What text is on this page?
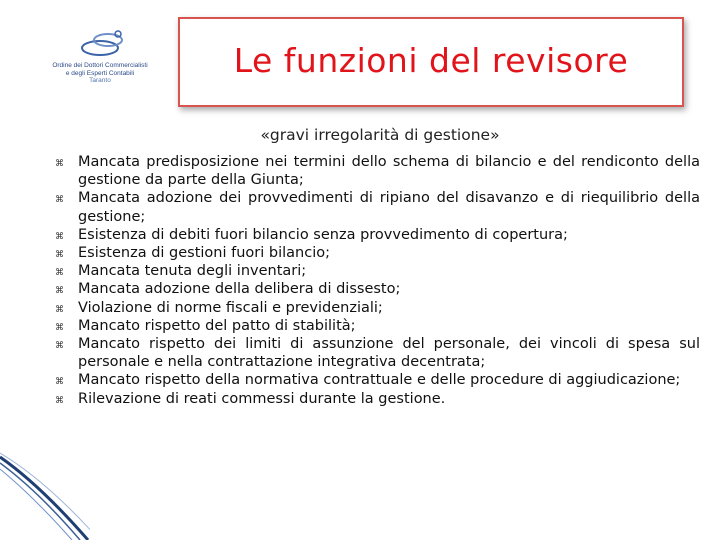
Ordine dei Dottori Commercialisti
e degli Esperti Contabili
Taranto
Le funzioni del revisore
«gravi irregolarità di gestione»
⌘ Mancata predisposizione nei termini dello schema di bilancio e del rendiconto della gestione da parte della Giunta;
⌘ Mancata adozione dei provvedimenti di ripiano del disavanzo e di riequilibrio della gestione;
⌘ Esistenza di debiti fuori bilancio senza provvedimento di copertura;
⌘ Esistenza di gestioni fuori bilancio;
⌘ Mancata tenuta degli inventari;
⌘ Mancata adozione della delibera di dissesto;
⌘ Violazione di norme fiscali e previdenziali;
⌘ Mancato rispetto del patto di stabilità;
⌘ Mancato rispetto dei limiti di assunzione del personale, dei vincoli di spesa sul personale e nella contrattazione integrativa decentrata;
⌘ Mancato rispetto della normativa contrattuale e delle procedure di aggiudicazione;
⌘ Rilevazione di reati commessi durante la gestione.
